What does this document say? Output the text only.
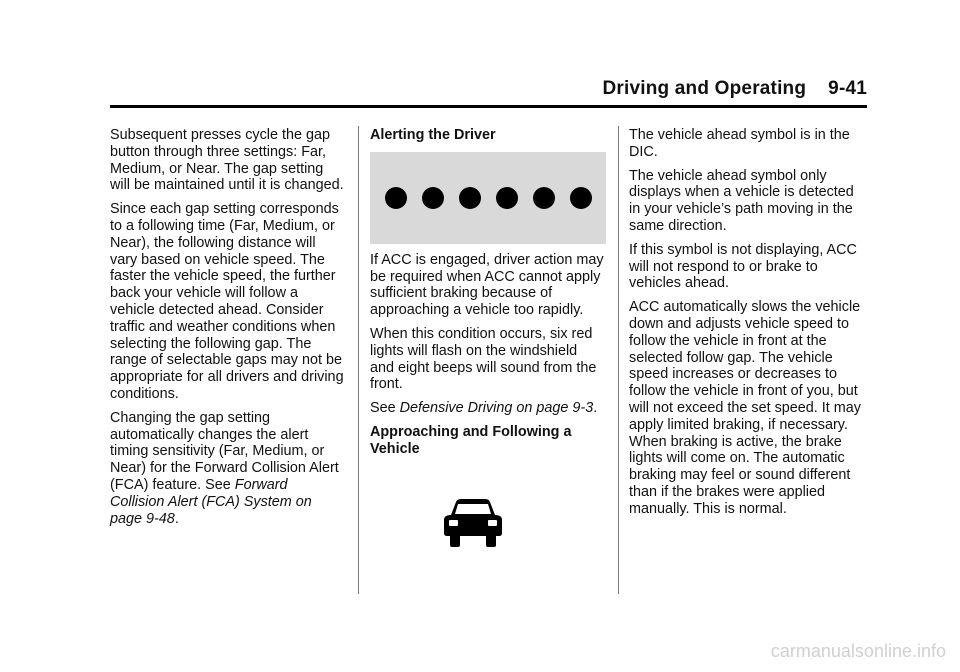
Driving and Operating 9-41

Subsequent presses cycle the gap button through three settings: Far, Medium, or Near. The gap setting will be maintained until it is changed.

Since each gap setting corresponds to a following time (Far, Medium, or Near), the following distance will vary based on vehicle speed. The faster the vehicle speed, the further back your vehicle will follow a vehicle detected ahead. Consider traffic and weather conditions when selecting the following gap. The range of selectable gaps may not be appropriate for all drivers and driving conditions.

Changing the gap setting automatically changes the alert timing sensitivity (Far, Medium, or Near) for the Forward Collision Alert (FCA) feature. See Forward Collision Alert (FCA) System on page 9-48.

Alerting the Driver

If ACC is engaged, driver action may be required when ACC cannot apply sufficient braking because of approaching a vehicle too rapidly.

When this condition occurs, six red lights will flash on the windshield and eight beeps will sound from the front.

See Defensive Driving on page 9-3.

Approaching and Following a Vehicle

The vehicle ahead symbol is in the DIC.

The vehicle ahead symbol only displays when a vehicle is detected in your vehicle’s path moving in the same direction.

If this symbol is not displaying, ACC will not respond to or brake to vehicles ahead.

ACC automatically slows the vehicle down and adjusts vehicle speed to follow the vehicle in front at the selected follow gap. The vehicle speed increases or decreases to follow the vehicle in front of you, but will not exceed the set speed. It may apply limited braking, if necessary. When braking is active, the brake lights will come on. The automatic braking may feel or sound different than if the brakes were applied manually. This is normal.

carmanualsonline.info
